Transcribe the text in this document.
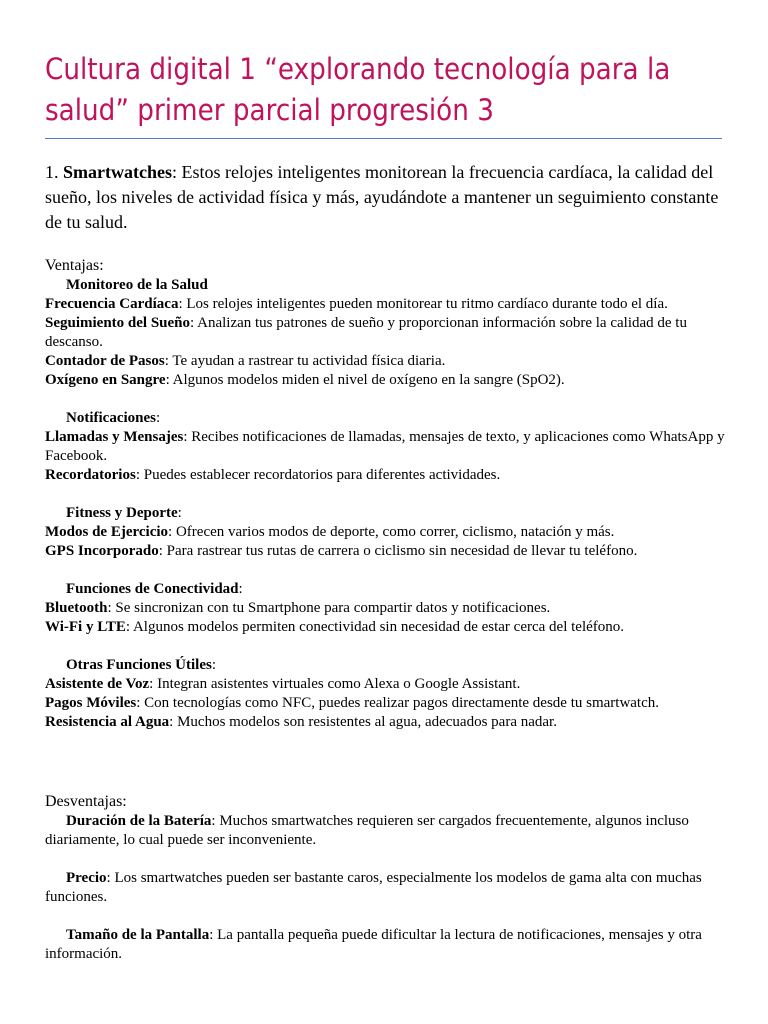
Cultura digital 1 “explorando tecnología para la salud” primer parcial progresión 3
1. Smartwatches: Estos relojes inteligentes monitorean la frecuencia cardíaca, la calidad del sueño, los niveles de actividad física y más, ayudándote a mantener un seguimiento constante de tu salud.
Ventajas:
Monitoreo de la Salud
Frecuencia Cardíaca: Los relojes inteligentes pueden monitorear tu ritmo cardíaco durante todo el día.
Seguimiento del Sueño: Analizan tus patrones de sueño y proporcionan información sobre la calidad de tu descanso.
Contador de Pasos: Te ayudan a rastrear tu actividad física diaria.
Oxígeno en Sangre: Algunos modelos miden el nivel de oxígeno en la sangre (SpO2).
Notificaciones:
Llamadas y Mensajes: Recibes notificaciones de llamadas, mensajes de texto, y aplicaciones como WhatsApp y Facebook.
Recordatorios: Puedes establecer recordatorios para diferentes actividades.
Fitness y Deporte:
Modos de Ejercicio: Ofrecen varios modos de deporte, como correr, ciclismo, natación y más.
GPS Incorporado: Para rastrear tus rutas de carrera o ciclismo sin necesidad de llevar tu teléfono.
Funciones de Conectividad:
Bluetooth: Se sincronizan con tu Smartphone para compartir datos y notificaciones.
Wi-Fi y LTE: Algunos modelos permiten conectividad sin necesidad de estar cerca del teléfono.
Otras Funciones Útiles:
Asistente de Voz: Integran asistentes virtuales como Alexa o Google Assistant.
Pagos Móviles: Con tecnologías como NFC, puedes realizar pagos directamente desde tu smartwatch.
Resistencia al Agua: Muchos modelos son resistentes al agua, adecuados para nadar.
Desventajas:
Duración de la Batería: Muchos smartwatches requieren ser cargados frecuentemente, algunos incluso diariamente, lo cual puede ser inconveniente.
Precio: Los smartwatches pueden ser bastante caros, especialmente los modelos de gama alta con muchas funciones.
Tamaño de la Pantalla: La pantalla pequeña puede dificultar la lectura de notificaciones, mensajes y otra información.
